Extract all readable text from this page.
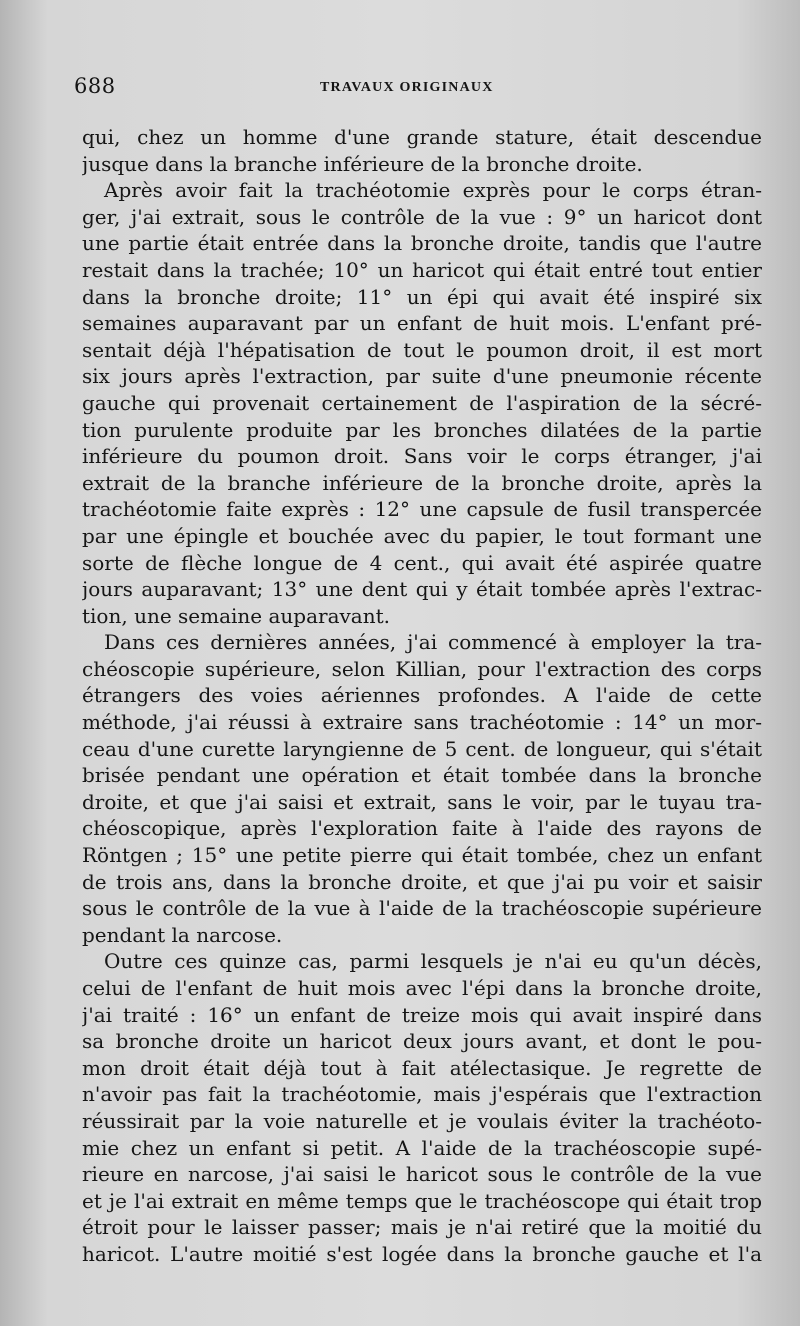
688	TRAVAUX ORIGINAUX
qui, chez un homme d'une grande stature, était descendue
jusque dans la branche inférieure de la bronche droite.
Après avoir fait la trachéotomie exprès pour le corps étran-
ger, j'ai extrait, sous le contrôle de la vue : 9° un haricot dont
une partie était entrée dans la bronche droite, tandis que l'autre
restait dans la trachée; 10° un haricot qui était entré tout entier
dans la bronche droite; 11° un épi qui avait été inspiré six
semaines auparavant par un enfant de huit mois. L'enfant pré-
sentait déjà l'hépatisation de tout le poumon droit, il est mort
six jours après l'extraction, par suite d'une pneumonie récente
gauche qui provenait certainement de l'aspiration de la sécré-
tion purulente produite par les bronches dilatées de la partie
inférieure du poumon droit. Sans voir le corps étranger, j'ai
extrait de la branche inférieure de la bronche droite, après la
trachéotomie faite exprès : 12° une capsule de fusil transpercée
par une épingle et bouchée avec du papier, le tout formant une
sorte de flèche longue de 4 cent., qui avait été aspirée quatre
jours auparavant; 13° une dent qui y était tombée après l'extrac-
tion, une semaine auparavant.
Dans ces dernières années, j'ai commencé à employer la tra-
chéoscopie supérieure, selon Killian, pour l'extraction des corps
étrangers des voies aériennes profondes. A l'aide de cette
méthode, j'ai réussi à extraire sans trachéotomie : 14° un mor-
ceau d'une curette laryngienne de 5 cent. de longueur, qui s'était
brisée pendant une opération et était tombée dans la bronche
droite, et que j'ai saisi et extrait, sans le voir, par le tuyau tra-
chéoscopique, après l'exploration faite à l'aide des rayons de
Röntgen ; 15° une petite pierre qui était tombée, chez un enfant
de trois ans, dans la bronche droite, et que j'ai pu voir et saisir
sous le contrôle de la vue à l'aide de la trachéoscopie supérieure
pendant la narcose.
Outre ces quinze cas, parmi lesquels je n'ai eu qu'un décès,
celui de l'enfant de huit mois avec l'épi dans la bronche droite,
j'ai traité : 16° un enfant de treize mois qui avait inspiré dans
sa bronche droite un haricot deux jours avant, et dont le pou-
mon droit était déjà tout à fait atélectasique. Je regrette de
n'avoir pas fait la trachéotomie, mais j'espérais que l'extraction
réussirait par la voie naturelle et je voulais éviter la trachéoto-
mie chez un enfant si petit. A l'aide de la trachéoscopie supé-
rieure en narcose, j'ai saisi le haricot sous le contrôle de la vue
et je l'ai extrait en même temps que le trachéoscope qui était trop
étroit pour le laisser passer; mais je n'ai retiré que la moitié du
haricot. L'autre moitié s'est logée dans la bronche gauche et l'a
